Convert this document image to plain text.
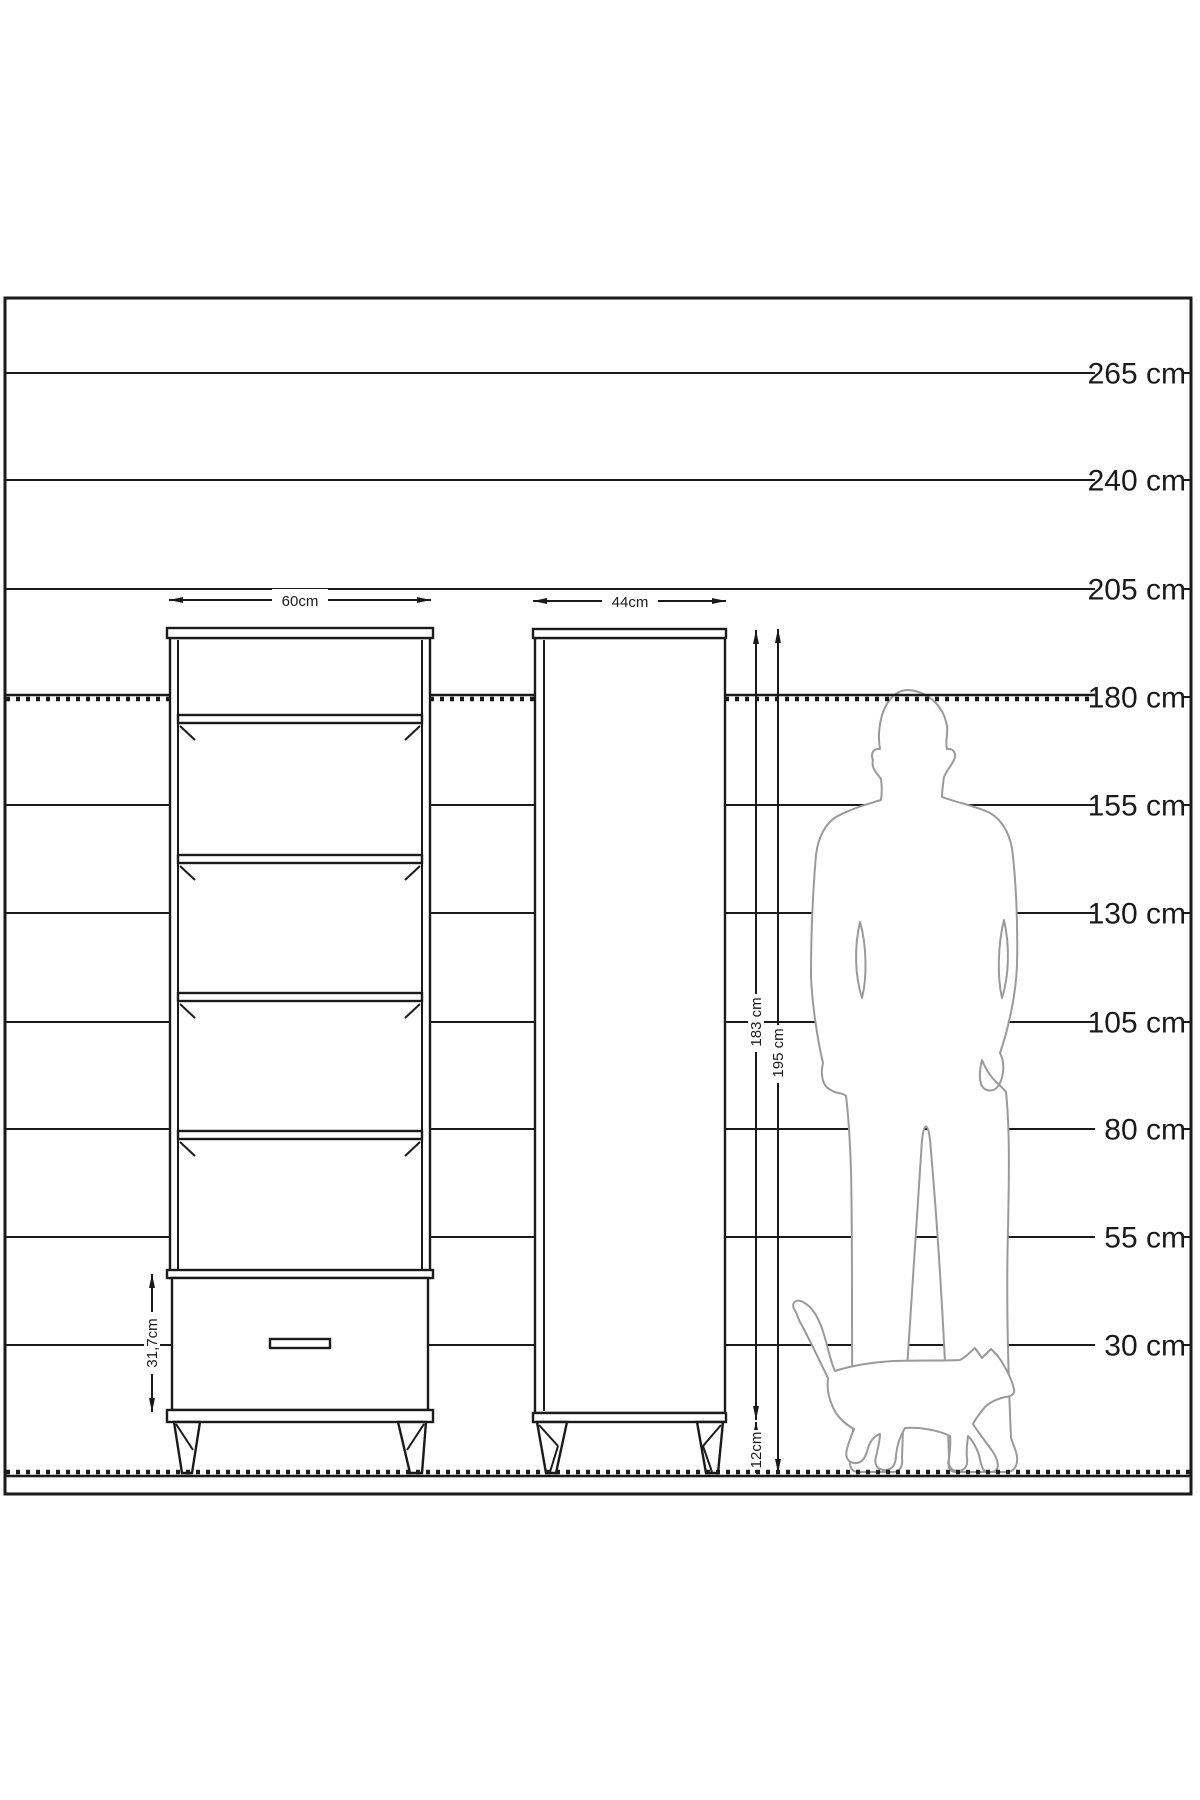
60cm
31,7cm
44cm
183 cm
12cm
195 cm
265 cm
240 cm
205 cm
180 cm
155 cm
130 cm
105 cm
80 cm
55 cm
30 cm
